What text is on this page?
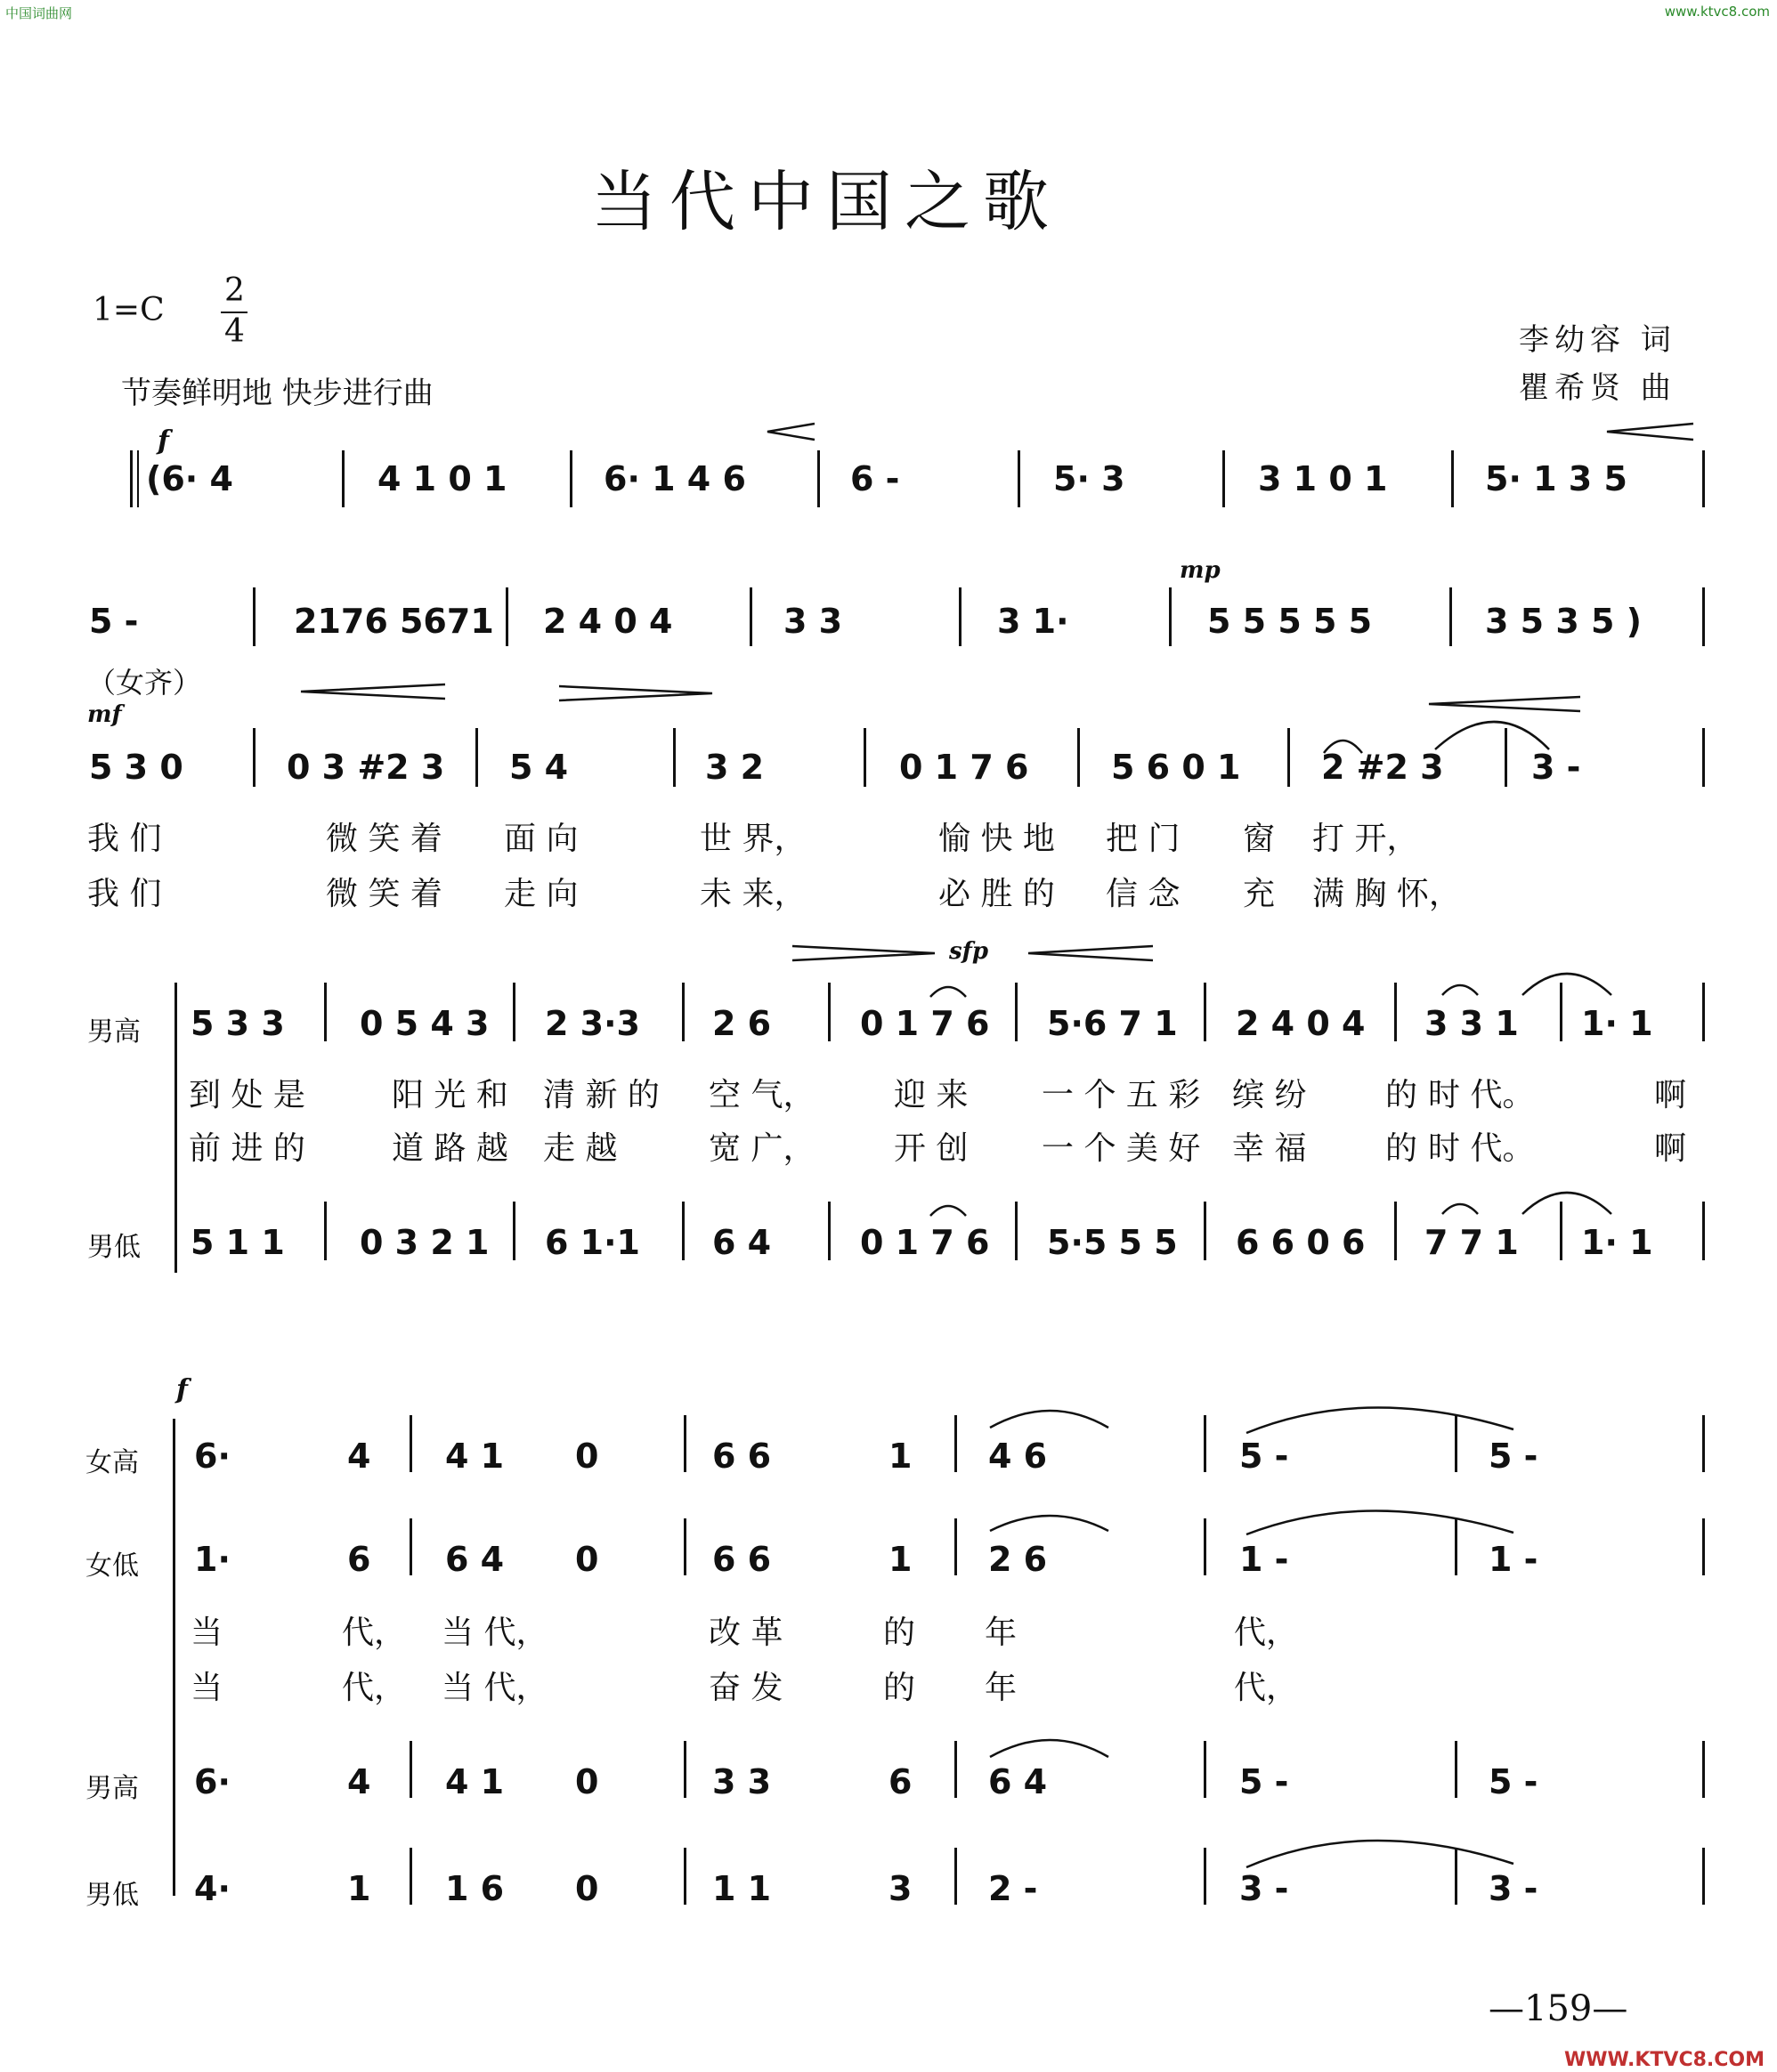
中国词曲网	www.ktvc8.com
WWW.KTVC8.COM
当代中国之歌
1=C
2
4
节奏鲜明地 快步进行曲
李幼容 词
瞿希贤 曲
f
(6· 4	4 1 0 1	6· 1 4 6	6 -	5· 3	3 1 0 1	5· 1 3 5
mp
5 -	2176 5671 2 4 0 4	3 3	3 1·	5 5 5 5 5	3 5 3 5 )
（女齐）
mf
5 3 0	0 3 #2 3 5 4	3 2	0 1 7 6 5 6 0 1 2 #2 3	3 -
我 们	微 笑 着 面 向	世 界，	愉 快 地 把 门 窗 打 开，
我 们	微 笑 着 走 向	未 来，	必 胜 的 信 念 充 满 胸 怀，
sfp
男高
男低
5 3 3 0 5 4 3 2 3·3 2 6	0 1 7 6 5·6 7 1 2 4 0 4 3 3 1 1· 1
5 1 1 0 3 2 1 6 1·1 6 4	0 1 7 6 5·5 5 5 6 6 0 6 7 7 1 1· 1
到 处 是	阳 光 和 清 新 的 空 气， 迎 来 一 个 五 彩 缤 纷 的 时 代。	啊
前 进 的	道 路 越 走 越	宽 广， 开 创 一 个 美 好 幸 福 的 时 代。	啊
f
女高
女低
男高
男低
6·	4 4 1 0	6 6	1 4 6	5 -	5 -
1·	6 6 4 0	6 6	1 2 6	1 -	1 -
6·	4 4 1 0	3 3	6 6 4	5 -	5 -
4·	1 1 6 0	1 1	3 2 -	3 -	3 -
当	代， 当 代，	改 革	的 年	代，
当	代， 当 代，	奋 发	的 年	代，
—159—
